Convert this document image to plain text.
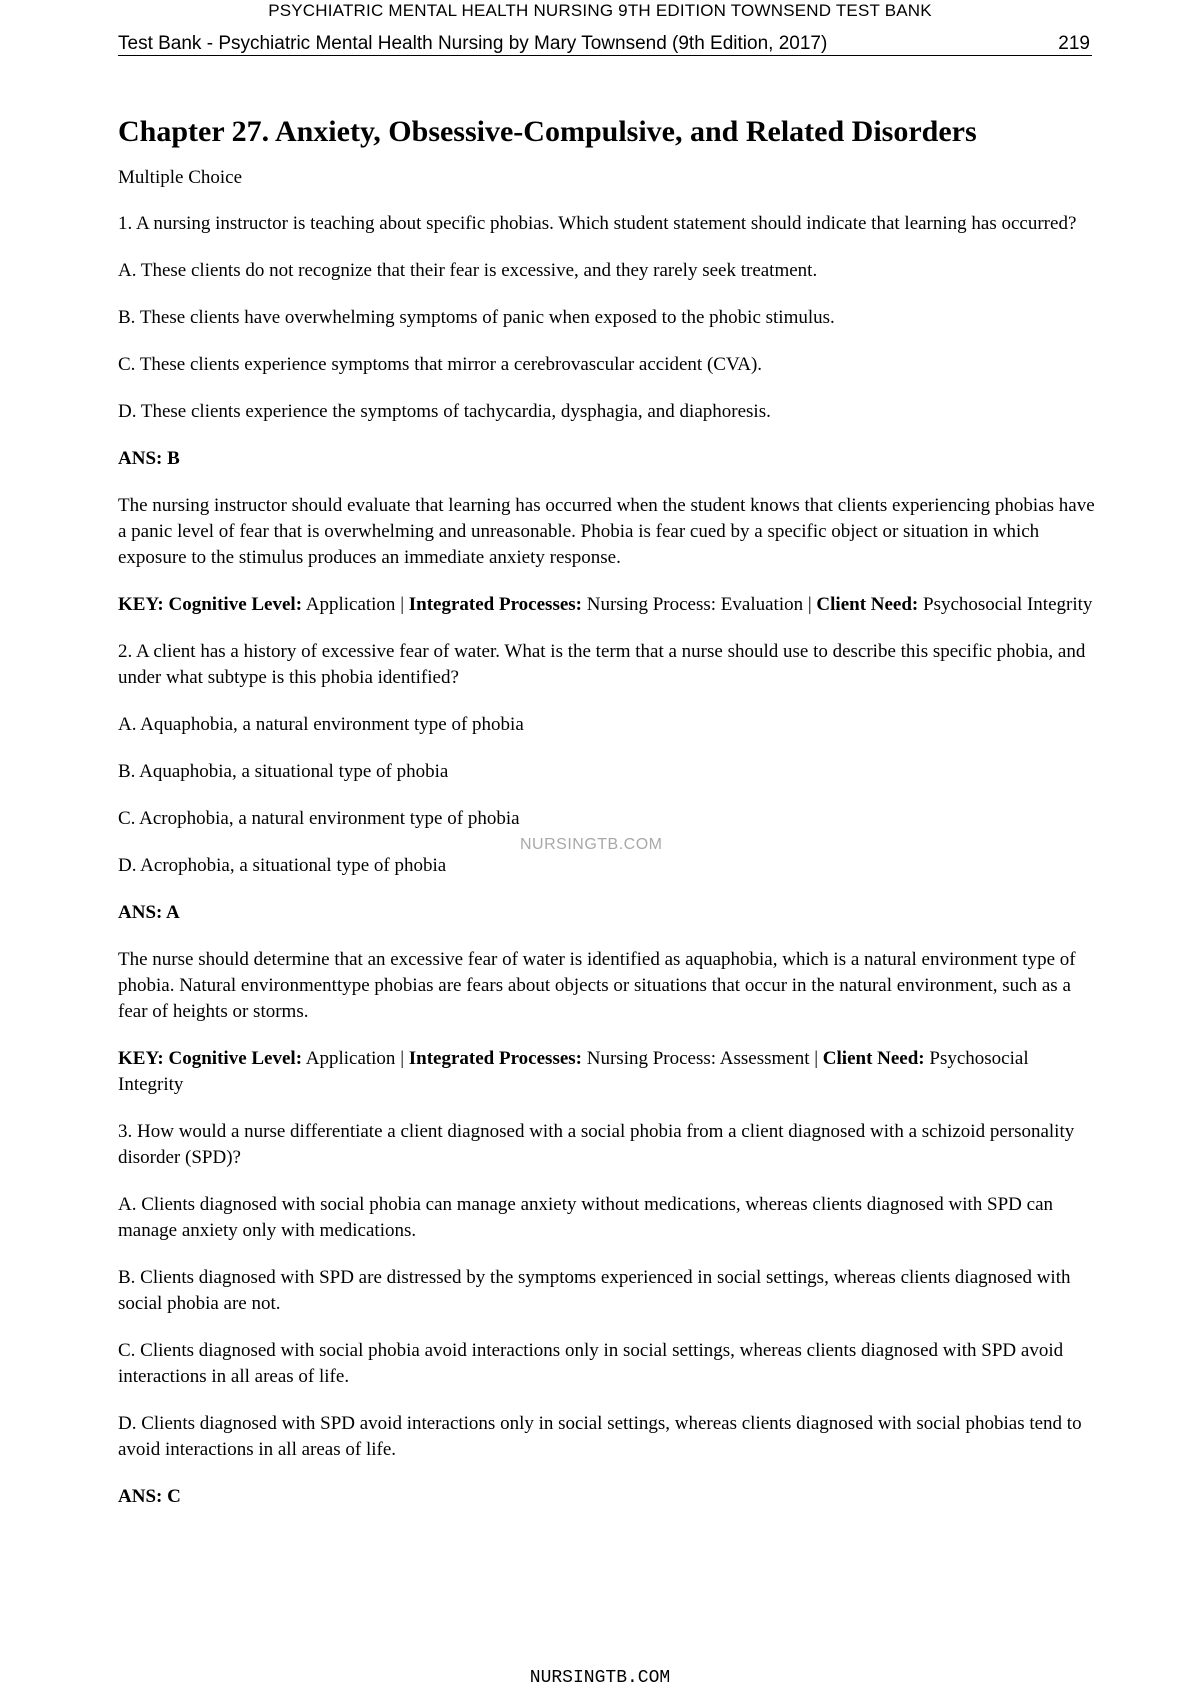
PSYCHIATRIC MENTAL HEALTH NURSING 9TH EDITION TOWNSEND TEST BANK
Test Bank - Psychiatric Mental Health Nursing by Mary Townsend (9th Edition, 2017)	219
Chapter 27. Anxiety, Obsessive-Compulsive, and Related Disorders

Multiple Choice

1. A nursing instructor is teaching about specific phobias. Which student statement should indicate that learning has occurred?

A. These clients do not recognize that their fear is excessive, and they rarely seek treatment.

B. These clients have overwhelming symptoms of panic when exposed to the phobic stimulus.

C. These clients experience symptoms that mirror a cerebrovascular accident (CVA).

D. These clients experience the symptoms of tachycardia, dysphagia, and diaphoresis.

ANS: B

The nursing instructor should evaluate that learning has occurred when the student knows that clients experiencing phobias have a panic level of fear that is overwhelming and unreasonable. Phobia is fear cued by a specific object or situation in which exposure to the stimulus produces an immediate anxiety response.

KEY: Cognitive Level: Application | Integrated Processes: Nursing Process: Evaluation | Client Need: Psychosocial Integrity

2. A client has a history of excessive fear of water. What is the term that a nurse should use to describe this specific phobia, and under what subtype is this phobia identified?

A. Aquaphobia, a natural environment type of phobia

B. Aquaphobia, a situational type of phobia

C. Acrophobia, a natural environment type of phobia

D. Acrophobia, a situational type of phobia

ANS: A

The nurse should determine that an excessive fear of water is identified as aquaphobia, which is a natural environment type of phobia. Natural environmenttype phobias are fears about objects or situations that occur in the natural environment, such as a fear of heights or storms.

KEY: Cognitive Level: Application | Integrated Processes: Nursing Process: Assessment | Client Need: Psychosocial Integrity

3. How would a nurse differentiate a client diagnosed with a social phobia from a client diagnosed with a schizoid personality disorder (SPD)?

A. Clients diagnosed with social phobia can manage anxiety without medications, whereas clients diagnosed with SPD can manage anxiety only with medications.

B. Clients diagnosed with SPD are distressed by the symptoms experienced in social settings, whereas clients diagnosed with social phobia are not.

C. Clients diagnosed with social phobia avoid interactions only in social settings, whereas clients diagnosed with SPD avoid interactions in all areas of life.

D. Clients diagnosed with SPD avoid interactions only in social settings, whereas clients diagnosed with social phobias tend to avoid interactions in all areas of life.

ANS: C

NURSINGTB.COM
NURSINGTB.COM
